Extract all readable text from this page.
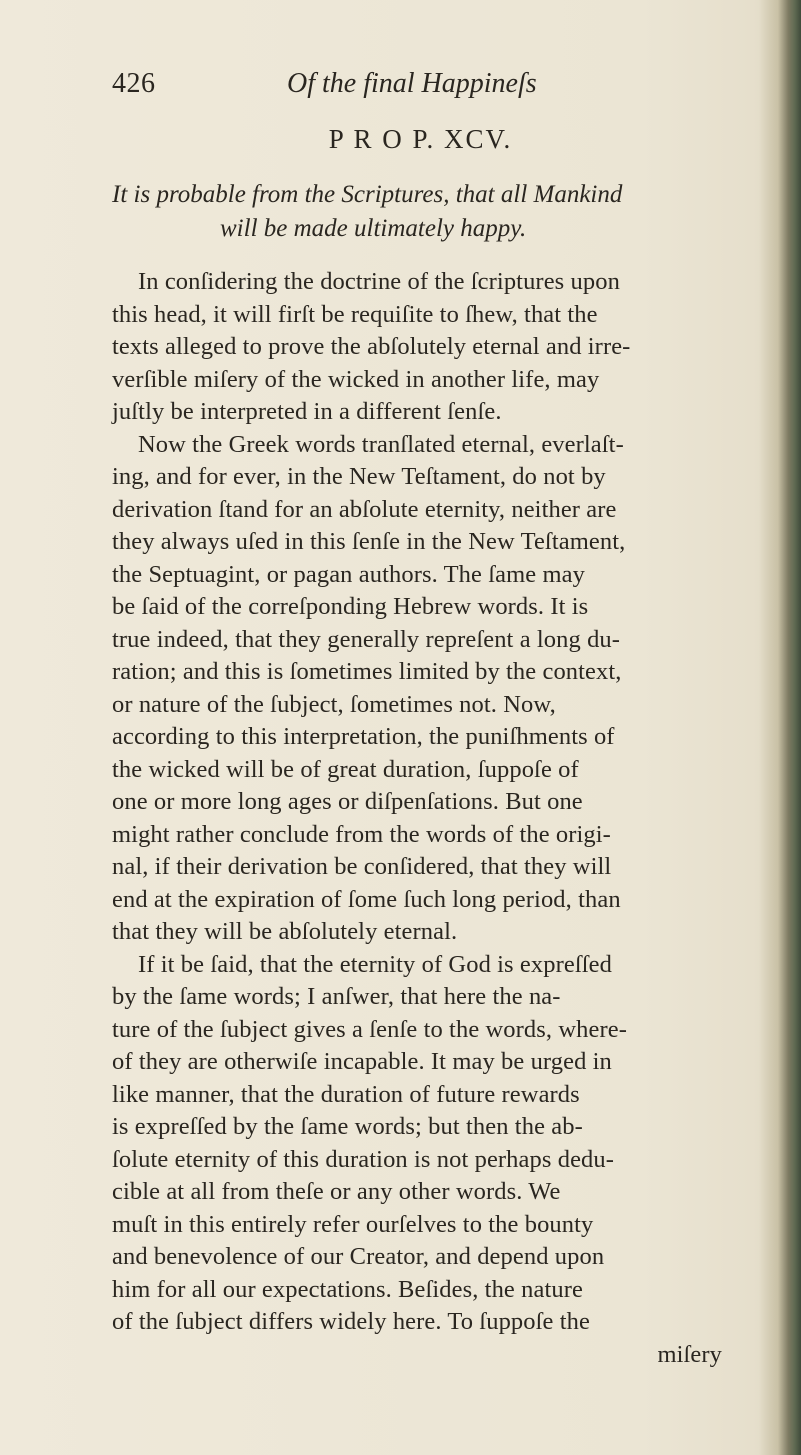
426	Of the final Happineſs
P R O P. XCV.
It is probable from the Scriptures, that all Mankind
will be made ultimately happy.
In conſidering the doctrine of the ſcriptures upon
this head, it will firſt be requiſite to ſhew, that the
texts alleged to prove the abſolutely eternal and irre-
verſible miſery of the wicked in another life, may
juſtly be interpreted in a different ſenſe.
Now the Greek words tranſlated eternal, everlaſt-
ing, and for ever, in the New Teſtament, do not by
derivation ſtand for an abſolute eternity, neither are
they always uſed in this ſenſe in the New Teſtament,
the Septuagint, or pagan authors. The ſame may
be ſaid of the correſponding Hebrew words. It is
true indeed, that they generally repreſent a long du-
ration; and this is ſometimes limited by the context,
or nature of the ſubject, ſometimes not. Now,
according to this interpretation, the puniſhments of
the wicked will be of great duration, ſuppoſe of
one or more long ages or diſpenſations. But one
might rather conclude from the words of the origi-
nal, if their derivation be conſidered, that they will
end at the expiration of ſome ſuch long period, than
that they will be abſolutely eternal.
If it be ſaid, that the eternity of God is expreſſed
by the ſame words; I anſwer, that here the na-
ture of the ſubject gives a ſenſe to the words, where-
of they are otherwiſe incapable. It may be urged in
like manner, that the duration of future rewards
is expreſſed by the ſame words; but then the ab-
ſolute eternity of this duration is not perhaps dedu-
cible at all from theſe or any other words. We
muſt in this entirely refer ourſelves to the bounty
and benevolence of our Creator, and depend upon
him for all our expectations. Beſides, the nature
of the ſubject differs widely here. To ſuppoſe the
miſery
